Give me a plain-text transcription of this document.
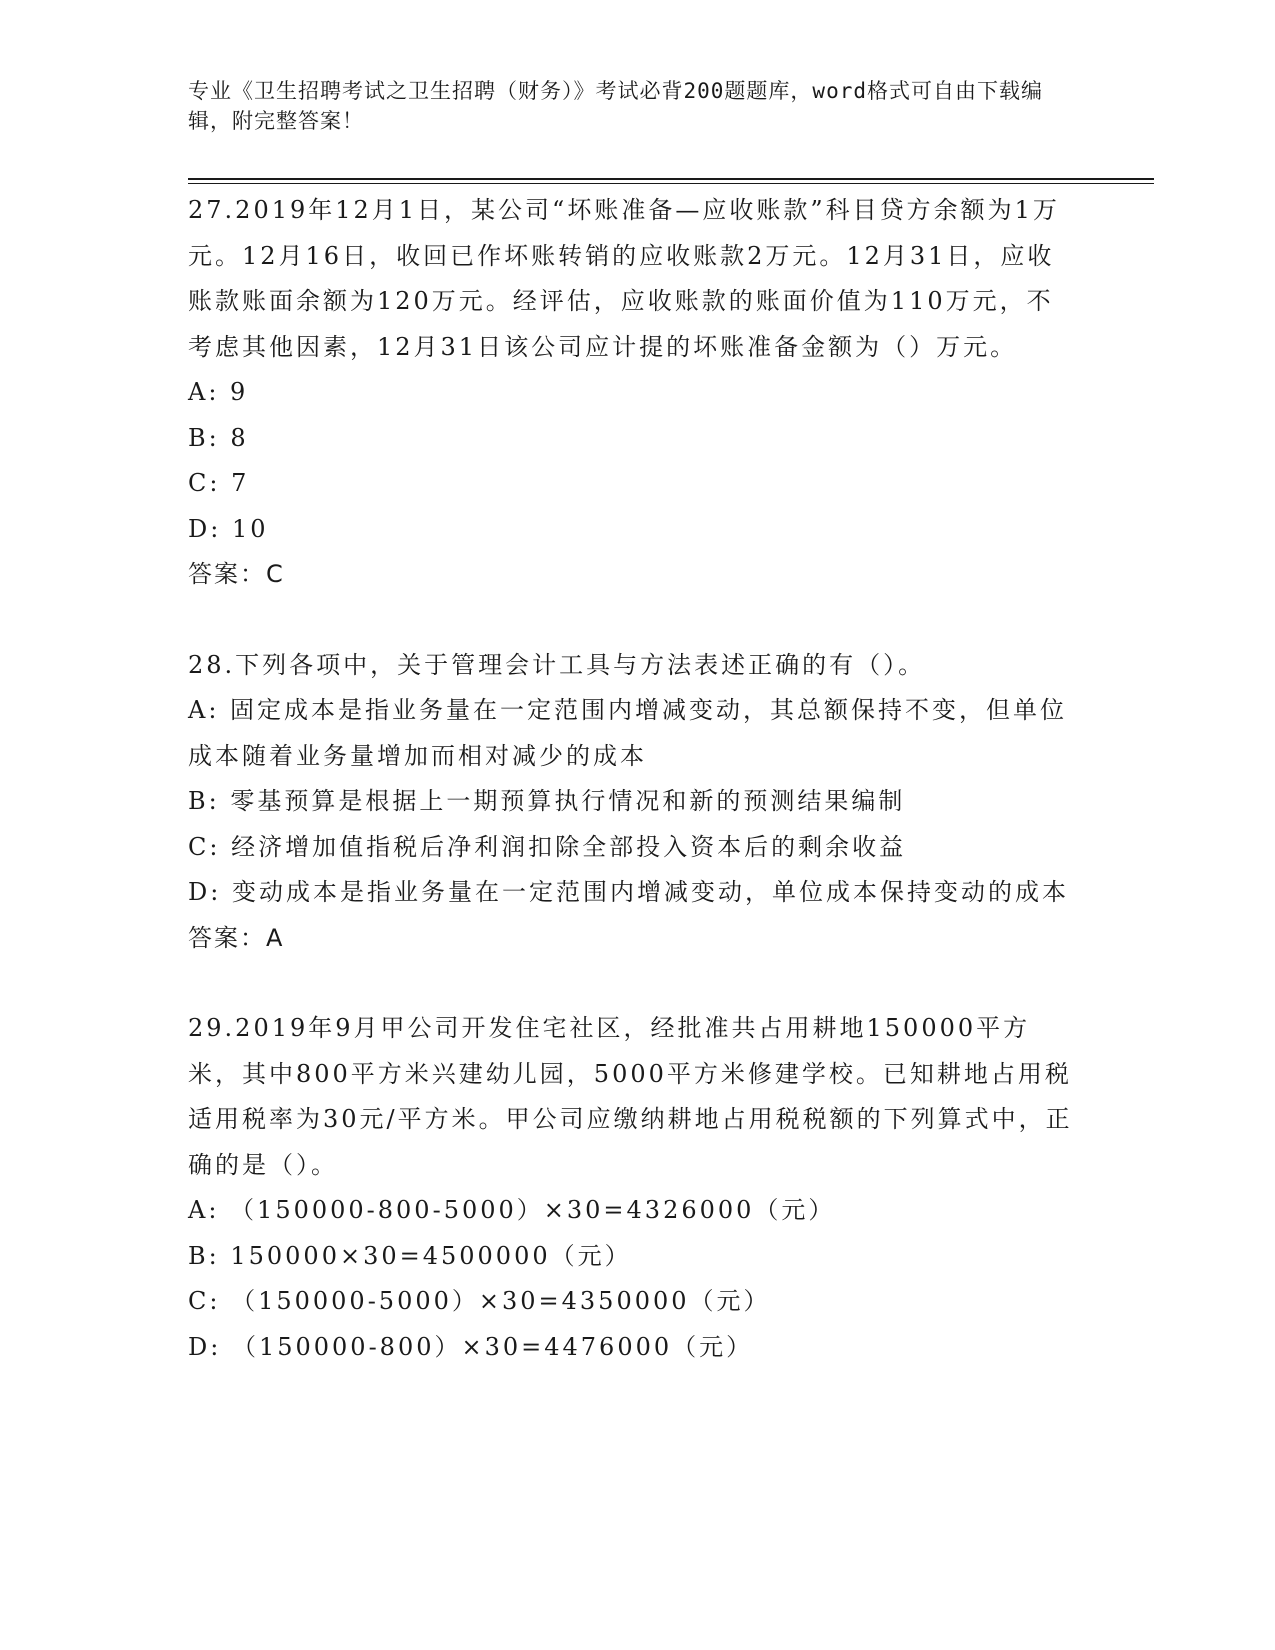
专业《卫生招聘考试之卫生招聘（财务）》考试必背200题题库，word格式可自由下载编辑，附完整答案！

27.2019年12月1日，某公司“坏账准备—应收账款”科目贷方余额为1万元。12月16日，收回已作坏账转销的应收账款2万元。12月31日，应收账款账面余额为120万元。经评估，应收账款的账面价值为110万元，不考虑其他因素，12月31日该公司应计提的坏账准备金额为（）万元。

A: 9

B: 8

C: 7

D: 10

答案：C

28.下列各项中，关于管理会计工具与方法表述正确的有（）。

A: 固定成本是指业务量在一定范围内增减变动，其总额保持不变，但单位成本随着业务量增加而相对减少的成本

B: 零基预算是根据上一期预算执行情况和新的预测结果编制

C: 经济增加值指税后净利润扣除全部投入资本后的剩余收益

D: 变动成本是指业务量在一定范围内增减变动，单位成本保持变动的成本

答案：A

29.2019年9月甲公司开发住宅社区，经批准共占用耕地150000平方米，其中800平方米兴建幼儿园，5000平方米修建学校。已知耕地占用税适用税率为30元/平方米。甲公司应缴纳耕地占用税税额的下列算式中，正确的是（）。

A: （150000-800-5000）×30=4326000（元）

B: 150000×30=4500000（元）

C: （150000-5000）×30=4350000（元）

D: （150000-800）×30=4476000（元）
